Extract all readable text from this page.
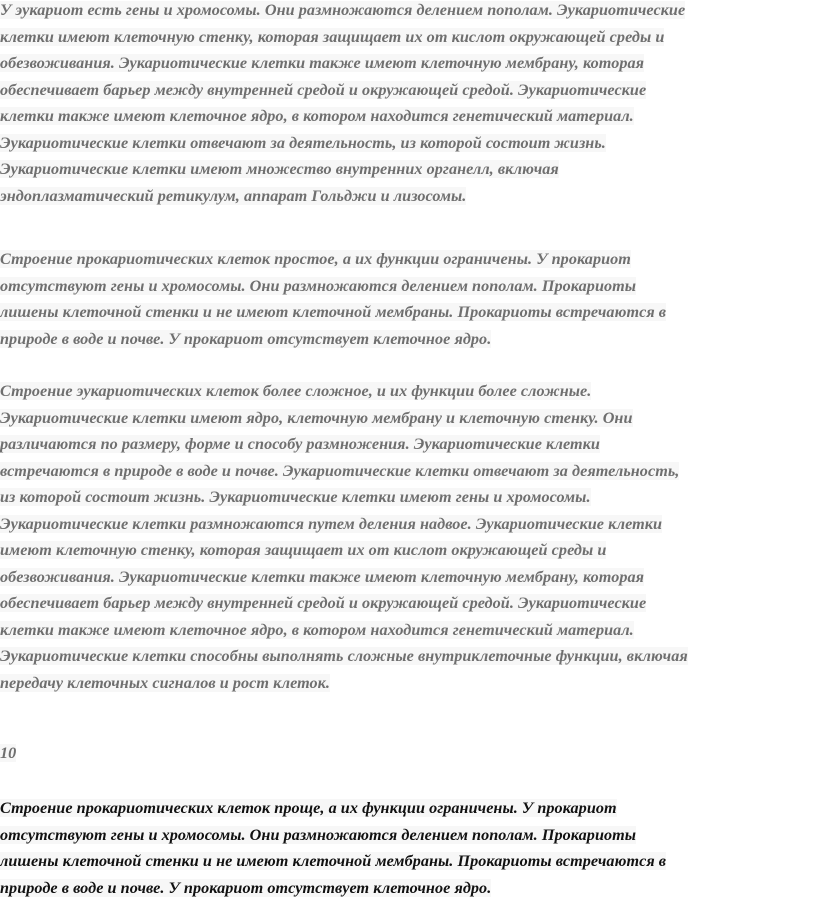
У эукариот есть гены и хромосомы. Они размножаются делением пополам. Эукариотические
клетки имеют клеточную стенку, которая защищает их от кислот окружающей среды и
обезвоживания. Эукариотические клетки также имеют клеточную мембрану, которая
обеспечивает барьер между внутренней средой и окружающей средой. Эукариотические
клетки также имеют клеточное ядро, в котором находится генетический материал.
Эукариотические клетки отвечают за деятельность, из которой состоит жизнь.
Эукариотические клетки имеют множество внутренних органелл, включая
эндоплазматический ретикулум, аппарат Гольджи и лизосомы.
Строение прокариотических клеток простое, а их функции ограничены. У прокариот
отсутствуют гены и хромосомы. Они размножаются делением пополам. Прокариоты
лишены клеточной стенки и не имеют клеточной мембраны. Прокариоты встречаются в
природе в воде и почве. У прокариот отсутствует клеточное ядро.
Строение эукариотических клеток более сложное, и их функции более сложные.
Эукариотические клетки имеют ядро, клеточную мембрану и клеточную стенку. Они
различаются по размеру, форме и способу размножения. Эукариотические клетки
встречаются в природе в воде и почве. Эукариотические клетки отвечают за деятельность,
из которой состоит жизнь. Эукариотические клетки имеют гены и хромосомы.
Эукариотические клетки размножаются путем деления надвое. Эукариотические клетки
имеют клеточную стенку, которая защищает их от кислот окружающей среды и
обезвоживания. Эукариотические клетки также имеют клеточную мембрану, которая
обеспечивает барьер между внутренней средой и окружающей средой. Эукариотические
клетки также имеют клеточное ядро, в котором находится генетический материал.
Эукариотические клетки способны выполнять сложные внутриклеточные функции, включая
передачу клеточных сигналов и рост клеток.
10
Строение прокариотических клеток проще, а их функции ограничены. У прокариот
отсутствуют гены и хромосомы. Они размножаются делением пополам. Прокариоты
лишены клеточной стенки и не имеют клеточной мембраны. Прокариоты встречаются в
природе в воде и почве. У прокариот отсутствует клеточное ядро.
